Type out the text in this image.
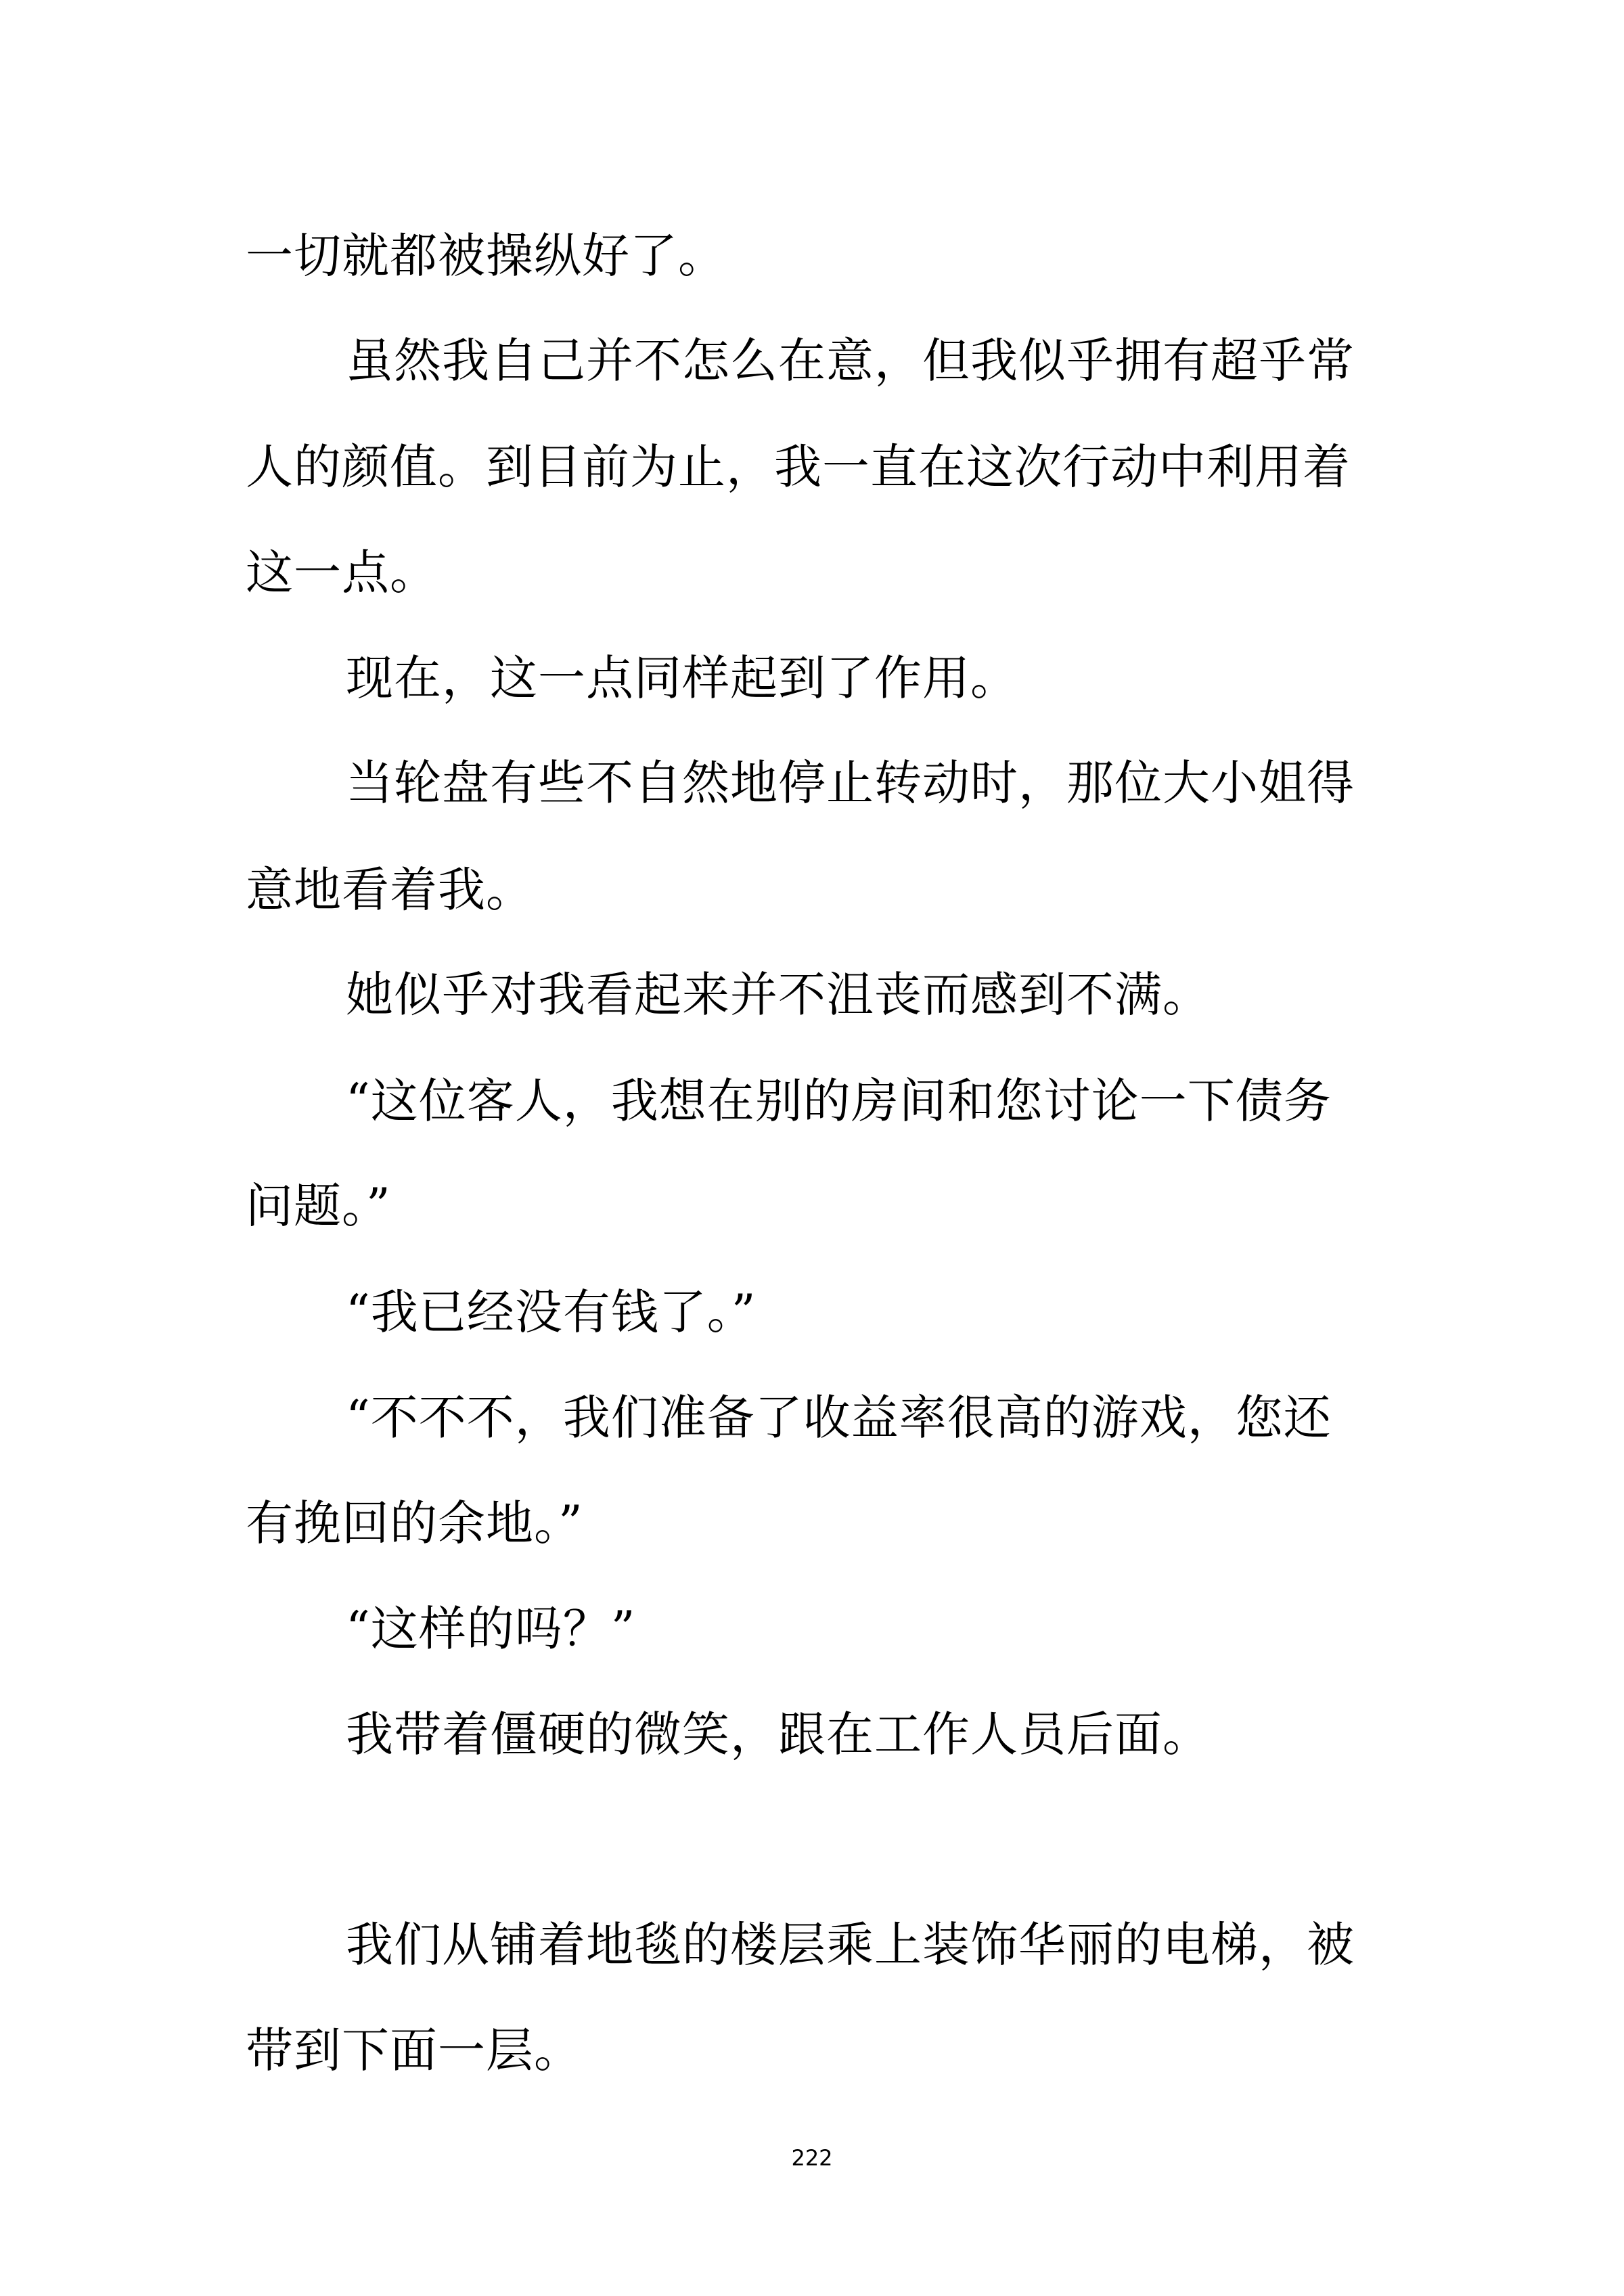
一切就都被操纵好了。
虽然我自己并不怎么在意，但我似乎拥有超乎常
人的颜值。到目前为止，我一直在这次行动中利用着
这一点。
现在，这一点同样起到了作用。
当轮盘有些不自然地停止转动时，那位大小姐得
意地看着我。
她似乎对我看起来并不沮丧而感到不满。
“这位客人，我想在别的房间和您讨论一下债务
问题。”
“我已经没有钱了。”
“不不不，我们准备了收益率很高的游戏，您还
有挽回的余地。”
“这样的吗？”
我带着僵硬的微笑，跟在工作人员后面。
我们从铺着地毯的楼层乘上装饰华丽的电梯，被
带到下面一层。
222
